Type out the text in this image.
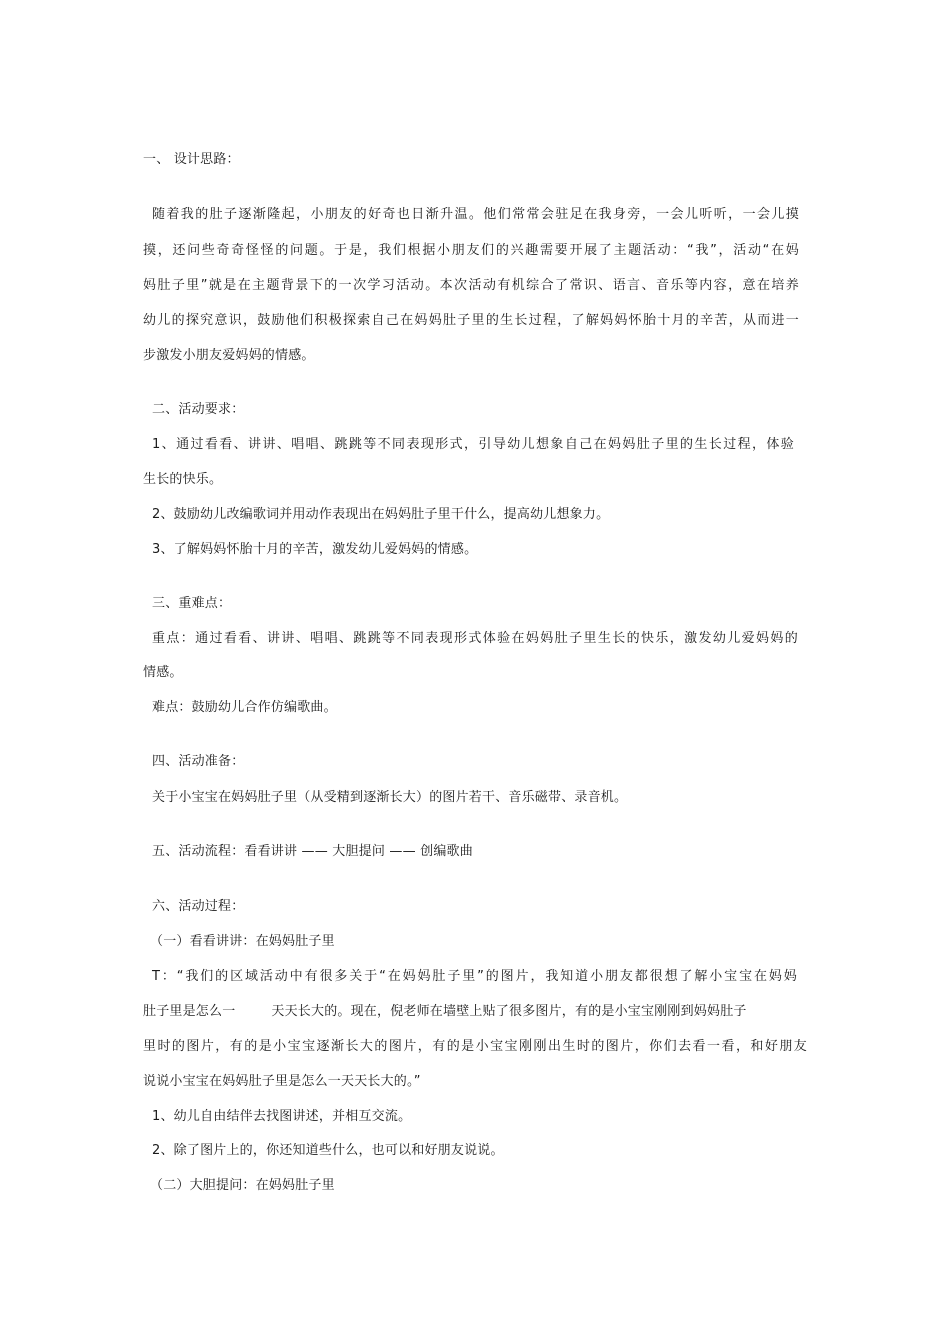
一、 设计思路：
随着我的肚子逐渐隆起，小朋友的好奇也日渐升温。他们常常会驻足在我身旁，一会儿听听，一会儿摸
摸，还问些奇奇怪怪的问题。于是，我们根据小朋友们的兴趣需要开展了主题活动：“我”，活动“在妈
妈肚子里”就是在主题背景下的一次学习活动。本次活动有机综合了常识、语言、音乐等内容，意在培养
幼儿的探究意识，鼓励他们积极探索自己在妈妈肚子里的生长过程，了解妈妈怀胎十月的辛苦，从而进一
步激发小朋友爱妈妈的情感。
二、活动要求：
1、通过看看、讲讲、唱唱、跳跳等不同表现形式，引导幼儿想象自己在妈妈肚子里的生长过程，体验
生长的快乐。
2、鼓励幼儿改编歌词并用动作表现出在妈妈肚子里干什么，提高幼儿想象力。
3、了解妈妈怀胎十月的辛苦，激发幼儿爱妈妈的情感。
三、重难点：
重点：通过看看、讲讲、唱唱、跳跳等不同表现形式体验在妈妈肚子里生长的快乐，激发幼儿爱妈妈的
情感。
难点：鼓励幼儿合作仿编歌曲。
四、活动准备：
关于小宝宝在妈妈肚子里（从受精到逐渐长大）的图片若干、音乐磁带、录音机。
五、活动流程：看看讲讲 —— 大胆提问 —— 创编歌曲
六、活动过程：
（一）看看讲讲：在妈妈肚子里
T：“我们的区域活动中有很多关于“在妈妈肚子里”的图片，我知道小朋友都很想了解小宝宝在妈妈
肚子里是怎么一	天天长大的。现在，倪老师在墙壁上贴了很多图片，有的是小宝宝刚刚到妈妈肚子
里时的图片，有的是小宝宝逐渐长大的图片，有的是小宝宝刚刚出生时的图片，你们去看一看，和好朋友
说说小宝宝在妈妈肚子里是怎么一天天长大的。”
1、幼儿自由结伴去找图讲述，并相互交流。
2、除了图片上的，你还知道些什么，也可以和好朋友说说。
（二）大胆提问：在妈妈肚子里
